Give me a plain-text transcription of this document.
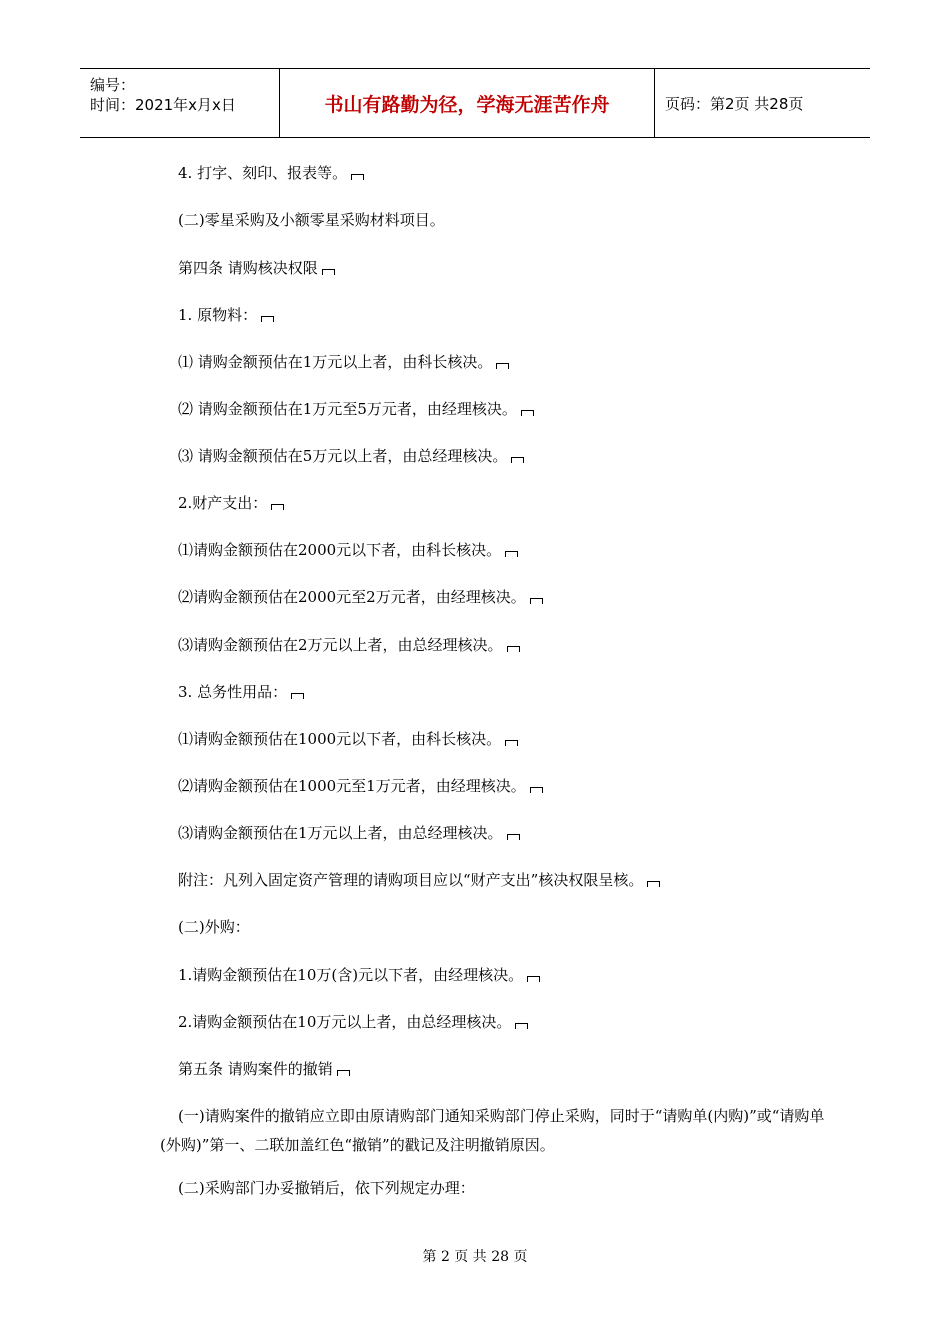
编号：
时间：2021年x月x日	书山有路勤为径，学海无涯苦作舟	页码：第2页 共28页
4. 打字、刻印、报表等。
(二)零星采购及小额零星采购材料项目。
第四条 请购核决权限
1. 原物料：
⑴ 请购金额预估在1万元以上者，由科长核决。
⑵ 请购金额预估在1万元至5万元者，由经理核决。
⑶ 请购金额预估在5万元以上者，由总经理核决。
2.财产支出：
⑴请购金额预估在2000元以下者，由科长核决。
⑵请购金额预估在2000元至2万元者，由经理核决。
⑶请购金额预估在2万元以上者，由总经理核决。
3. 总务性用品：
⑴请购金额预估在1000元以下者，由科长核决。
⑵请购金额预估在1000元至1万元者，由经理核决。
⑶请购金额预估在1万元以上者，由总经理核决。
附注：凡列入固定资产管理的请购项目应以“财产支出”核决权限呈核。
(二)外购：
1.请购金额预估在10万(含)元以下者，由经理核决。
2.请购金额预估在10万元以上者，由总经理核决。
第五条 请购案件的撤销
(一)请购案件的撤销应立即由原请购部门通知采购部门停止采购，同时于“请购单(内购)”或“请购单(外购)”第一、二联加盖红色“撤销”的戳记及注明撤销原因。
(二)采购部门办妥撤销后，依下列规定办理：
第 2 页 共 28 页
